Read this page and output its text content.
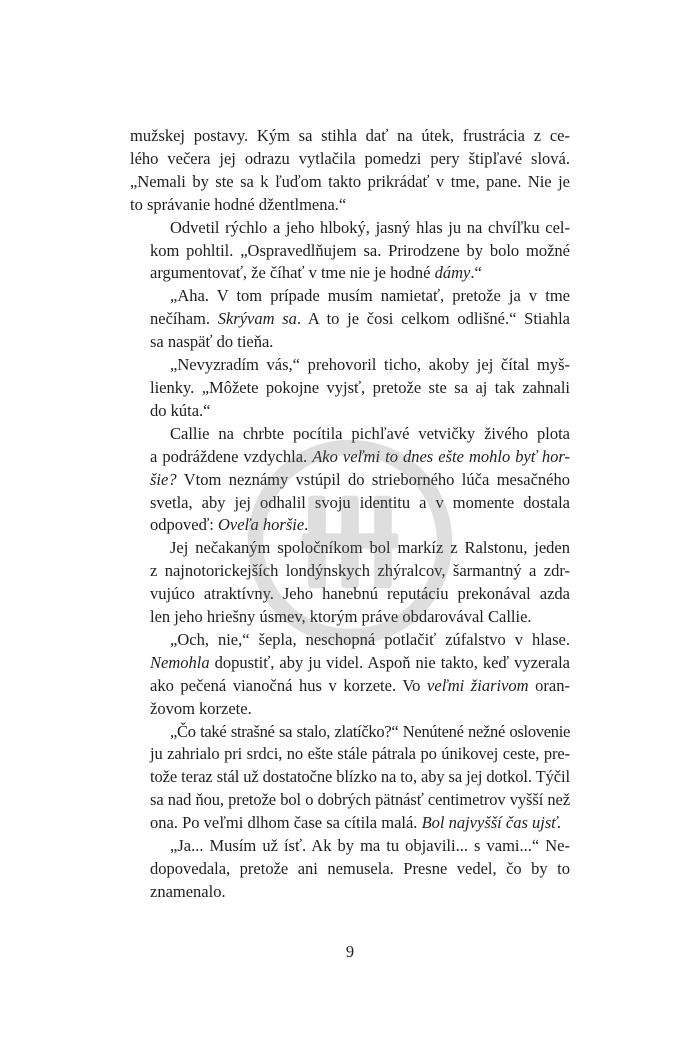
mužskej postavy. Kým sa stihla dať na útek, frustrácia z ce-
lého večera jej odrazu vytlačila pomedzi pery štipľavé slová.
„Nemali by ste sa k ľuďom takto prikrádať v tme, pane. Nie je
to správanie hodné džentlmena.“
Odvetil rýchlo a jeho hlboký, jasný hlas ju na chvíľku cel-
kom pohltil. „Ospravedlňujem sa. Prirodzene by bolo možné
argumentovať, že číhať v tme nie je hodné dámy.“
„Aha. V tom prípade musím namietať, pretože ja v tme
nečíham. Skrývam sa. A to je čosi celkom odlišné.“ Stiahla
sa naspäť do tieňa.
„Nevyzradím vás,“ prehovoril ticho, akoby jej čítal myš-
lienky. „Môžete pokojne vyjsť, pretože ste sa aj tak zahnali
do kúta.“
Callie na chrbte pocítila pichľavé vetvičky živého plota
a podráždene vzdychla. Ako veľmi to dnes ešte mohlo byť hor-
šie? Vtom neznámy vstúpil do strieborného lúča mesačného
svetla, aby jej odhalil svoju identitu a v momente dostala
odpoveď: Oveľa horšie.
Jej nečakaným spoločníkom bol markíz z Ralstonu, jeden
z najnotorickejších londýnskych zhýralcov, šarmantný a zdr-
vujúco atraktívny. Jeho hanebnú reputáciu prekonával azda
len jeho hriešny úsmev, ktorým práve obdarovával Callie.
„Och, nie,“ šepla, neschopná potlačiť zúfalstvo v hlase.
Nemohla dopustiť, aby ju videl. Aspoň nie takto, keď vyzerala
ako pečená vianočná hus v korzete. Vo veľmi žiarivom oran-
žovom korzete.
„Čo také strašné sa stalo, zlatíčko?“ Nenútené nežné oslovenie
ju zahrialo pri srdci, no ešte stále pátrala po únikovej ceste, pre-
tože teraz stál už dostatočne blízko na to, aby sa jej dotkol. Týčil
sa nad ňou, pretože bol o dobrých pätnásť centimetrov vyšší než
ona. Po veľmi dlhom čase sa cítila malá. Bol najvyšší čas ujsť.
„Ja... Musím už ísť. Ak by ma tu objavili... s vami...“ Ne-
dopovedala, pretože ani nemusela. Presne vedel, čo by to
znamenalo.
9
